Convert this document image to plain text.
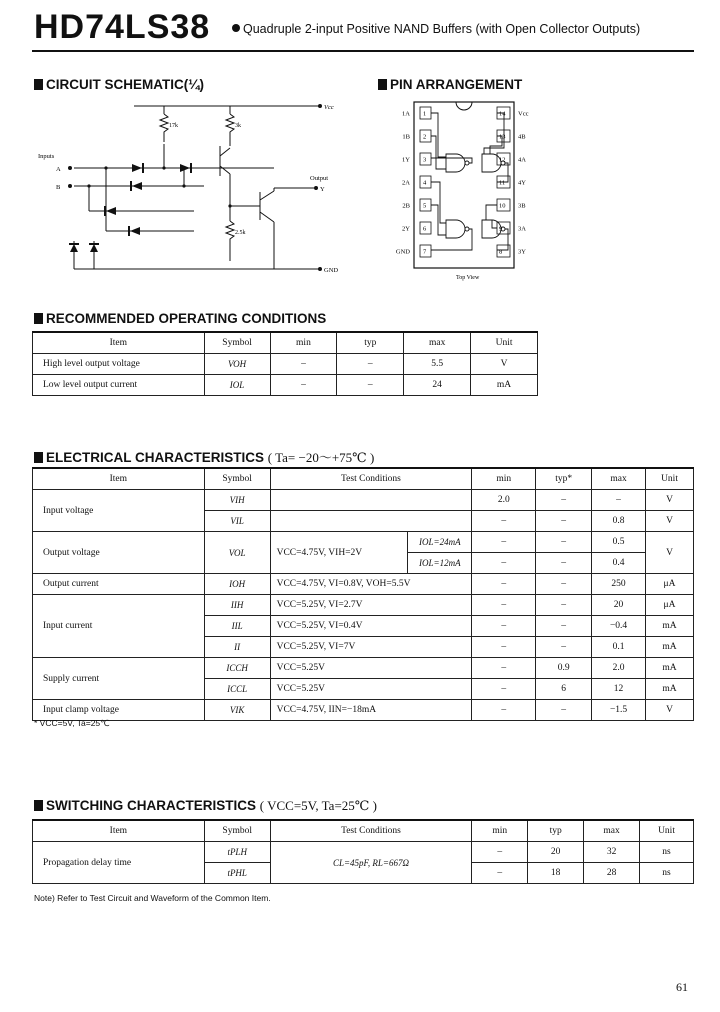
HD74LS38	Quadruple 2-input Positive NAND Buffers (with Open Collector Outputs)
CIRCUIT SCHEMATIC(¼)	PIN ARRANGEMENT
Vcc
Inputs
A
B
Output
Y
GND
17k	3k
2.5k
1
1A
2
1B
3
1Y
4
2A
5
2B
6
2Y
7
GND
14 Vcc
13 4B
12 4A
11 4Y
10 3B
9 3A
8 3Y
Top View
RECOMMENDED OPERATING CONDITIONS
Item	Symbol	min	typ	max	Unit
High level output voltage	VOH	–	–	5.5	V
Low level output current	IOL	–	–	24	mA
ELECTRICAL CHARACTERISTICS ( Ta= −20～+75℃ )
Item	Symbol	Test Conditions		min	typ*	max	Unit
Input voltage	VIH			2.0	–	–	V
	VIL			–	–	0.8	V
Output voltage	VOL	VCC=4.75V, VIH=2V	IOL=24mA	–	–	0.5	V
			IOL=12mA	–	–	0.4	
Output current	IOH	VCC=4.75V, VI=0.8V, VOH=5.5V		–	–	250	μA
Input current	IIH	VCC=5.25V, VI=2.7V		–	–	20	μA
	IIL	VCC=5.25V, VI=0.4V		–	–	−0.4	mA
	II	VCC=5.25V, VI=7V		–	–	0.1	mA
Supply current	ICCH	VCC=5.25V		–	0.9	2.0	mA
	ICCL	VCC=5.25V		–	6	12	mA
Input clamp voltage	VIK	VCC=4.75V, IIN=−18mA		–	–	−1.5	V
* VCC=5V, Ta=25℃
SWITCHING CHARACTERISTICS ( VCC=5V, Ta=25℃ )
Item	Symbol	Test Conditions	min	typ	max	Unit
Propagation delay time	tPLH	CL=45pF, RL=667Ω	–	20	32	ns
	tPHL		–	18	28	ns
Note) Refer to Test Circuit and Waveform of the Common Item.
61
